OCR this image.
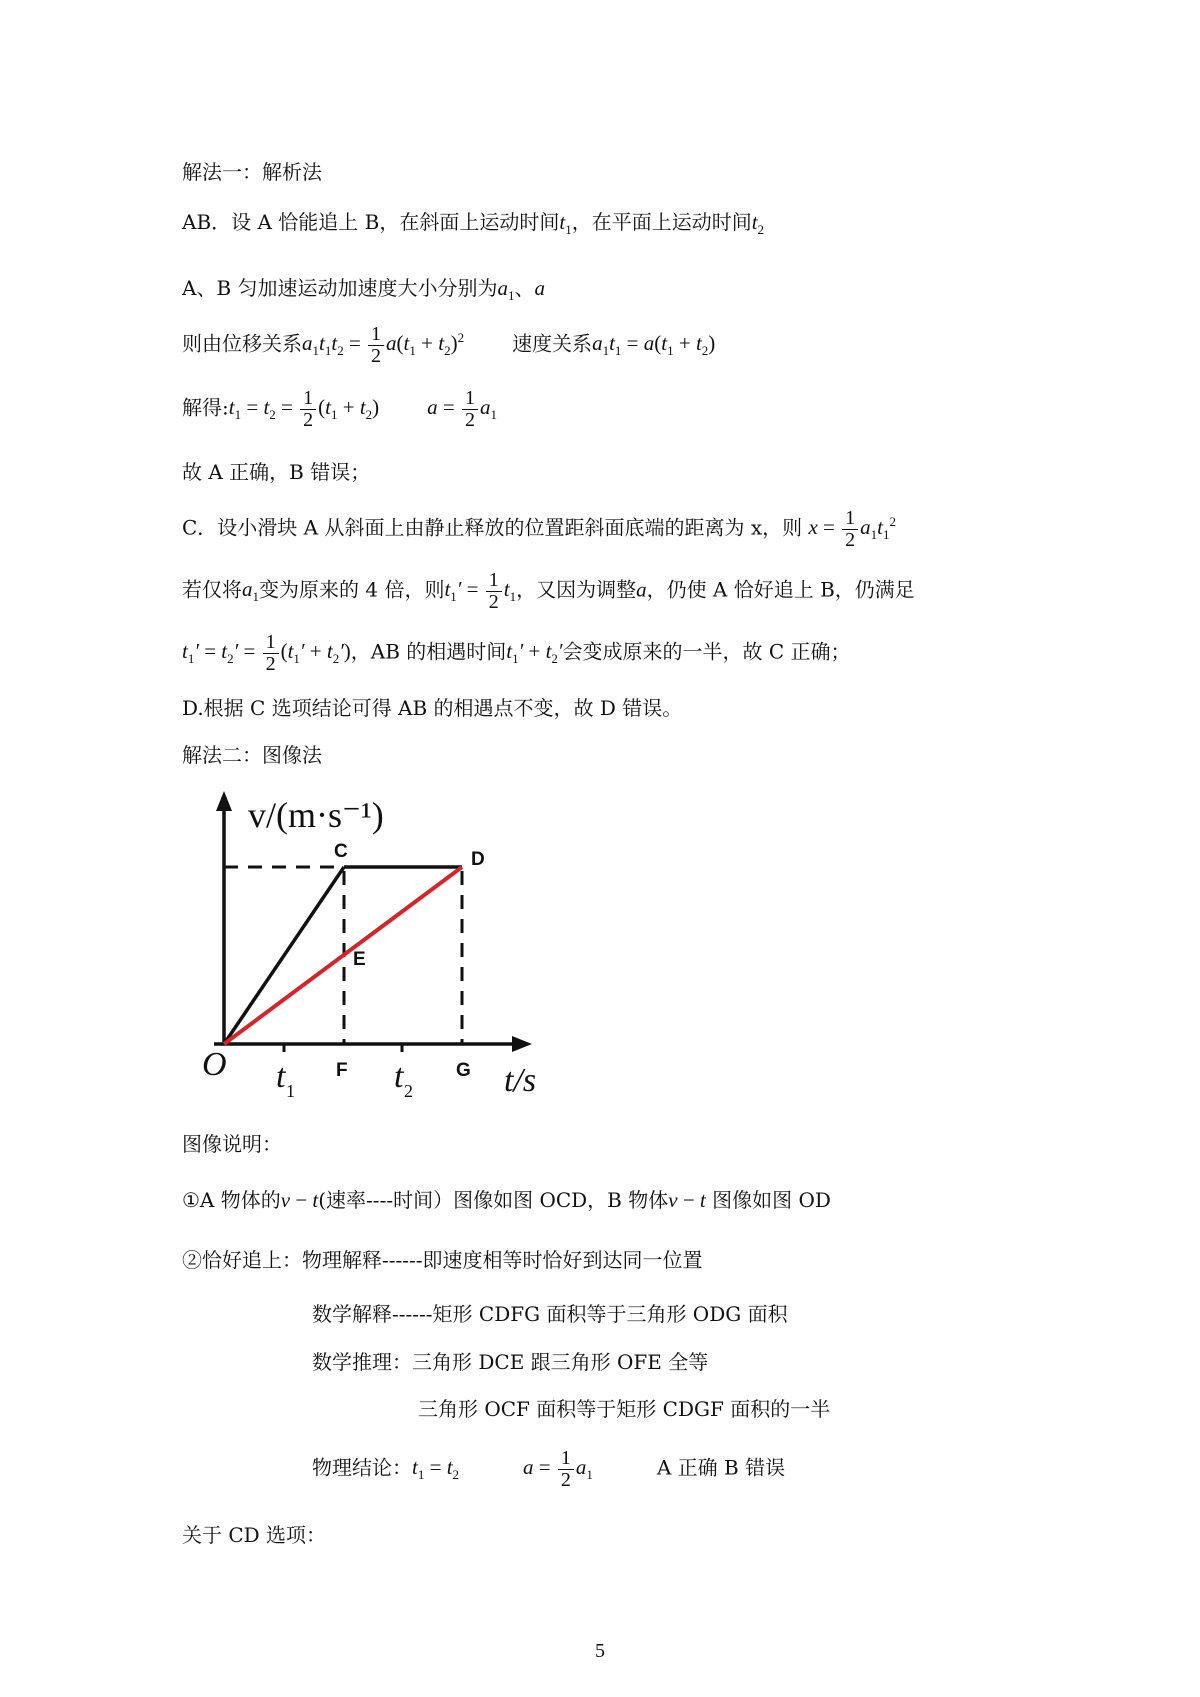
解法一：解析法
AB．设 A 恰能追上 B，在斜面上运动时间$t_1$，在平面上运动时间$t_2$
A、B 匀加速运动加速度大小分别为$a_1$、a
则由位移关系$a_1t_1t_2 = \frac{1}{2} a(t_1 + t_2)^2$ 速度关系$a_1t_1 = a(t_1 + t_2)$
解得$:t_1 = t_2 = \frac{1}{2} (t_1 + t_2) a = \frac{1}{2} a_1$
故 A 正确，B 错误；
C．设小滑块 A 从斜面上由静止释放的位置距斜面底端的距离为 x，则 $x = \frac{1}{2} a_1t_1^2$
若仅将$a_1$变为原来的 4 倍，则$t_1' = \frac{1}{2} t_1$，又因为调整a，仍使 A 恰好追上 B，仍满足
$t_1' = t_2' = \frac{1}{2} (t_1' + t_2')$，AB 的相遇时间$t_1' + t_2'$会变成原来的一半，故 C 正确；
D.根据 C 选项结论可得 AB 的相遇点不变，故 D 错误。
解法二：图像法
v/(m·s⁻¹)
t/s
O
C	D
E
F	G
t 1	t 2
图像说明：
①A 物体的v − t(速率----时间）图像如图 OCD，B 物体v − t 图像如图 OD
②恰好追上：物理解释------即速度相等时恰好到达同一位置
数学解释------矩形 CDFG 面积等于三角形 ODG 面积
数学推理：三角形 DCE 跟三角形 OFE 全等
三角形 OCF 面积等于矩形 CDGF 面积的一半
物理结论：$t_1 = t_2$	$a = \frac{1}{2} a_1$	A 正确 B 错误
关于 CD 选项：
5
